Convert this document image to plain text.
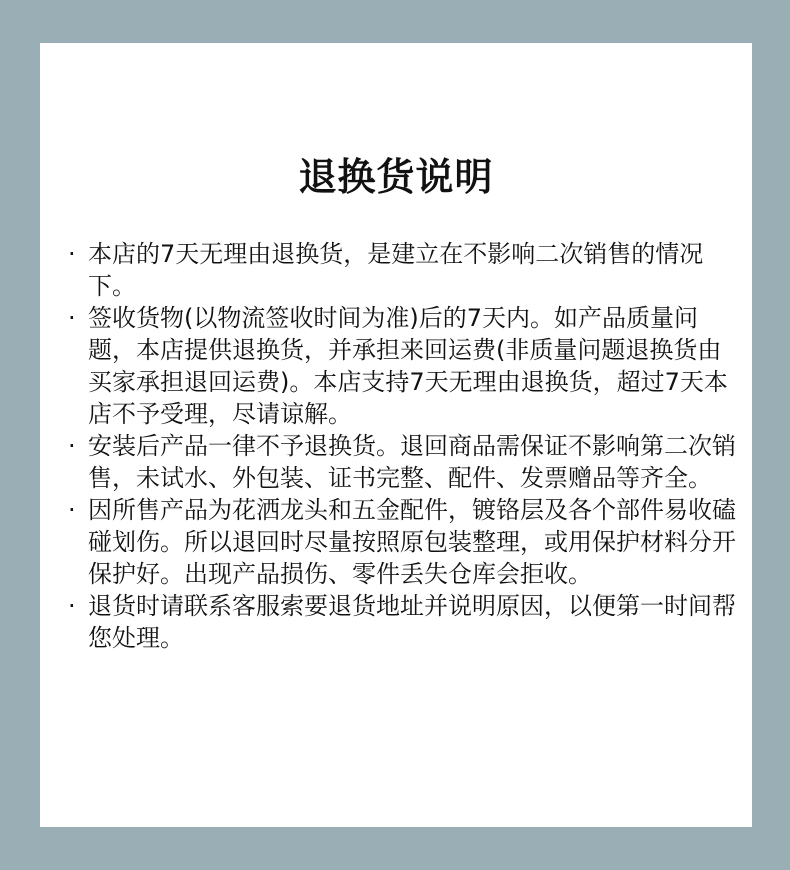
退换货说明
· 本店的7天无理由退换货，是建立在不影响二次销售的情况下。
· 签收货物(以物流签收时间为准)后的7天内。如产品质量问题，本店提供退换货，并承担来回运费(非质量问题退换货由买家承担退回运费)。本店支持7天无理由退换货，超过7天本店不予受理，尽请谅解。
· 安装后产品一律不予退换货。退回商品需保证不影响第二次销售，未试水、外包装、证书完整、配件、发票赠品等齐全。
· 因所售产品为花洒龙头和五金配件，镀铬层及各个部件易收磕碰划伤。所以退回时尽量按照原包装整理，或用保护材料分开保护好。出现产品损伤、零件丢失仓库会拒收。
· 退货时请联系客服索要退货地址并说明原因，以便第一时间帮您处理。
